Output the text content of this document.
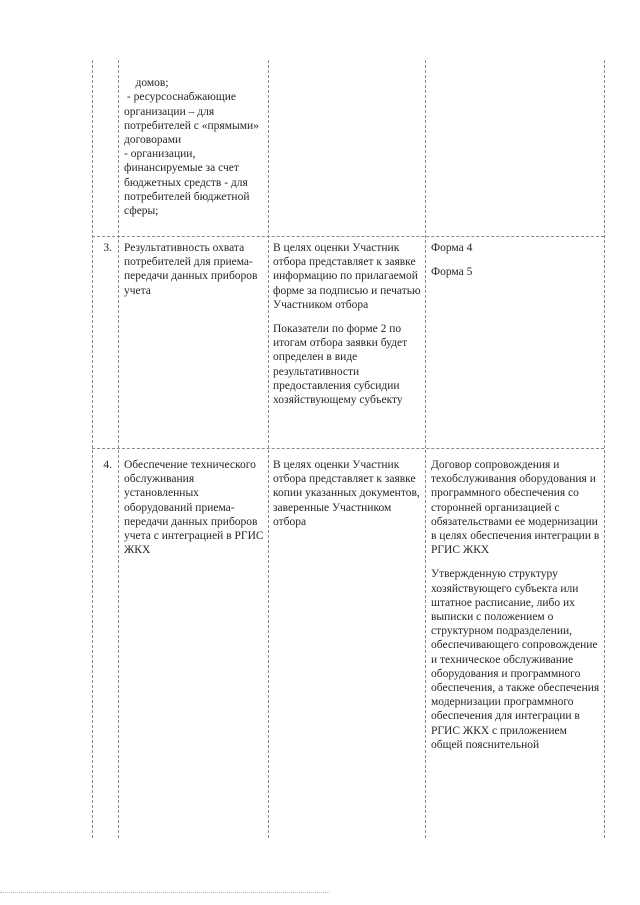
домов;
- ресурсоснабжающие организации – для потребителей с «прямыми» договорами
- организации, финансируемые за счет бюджетных средств - для потребителей бюджетной сферы;

3. Результативность охвата потребителей для приема-передачи данных приборов учета

В целях оценки Участник отбора представляет к заявке информацию по прилагаемой форме за подписью и печатью Участником отбора

Показатели по форме 2 по итогам отбора заявки будет определен в виде результативности предоставления субсидии хозяйствующему субъекту

Форма 4

Форма 5

4. Обеспечение технического обслуживания установленных оборудований приема-передачи данных приборов учета с интеграцией в РГИС ЖКХ

В целях оценки Участник отбора представляет к заявке копии указанных документов, заверенные Участником отбора

Договор сопровождения и техобслуживания оборудования и программного обеспечения со сторонней организацией с обязательствами ее модернизации в целях обеспечения интеграции в РГИС ЖКХ

Утвержденную структуру хозяйствующего субъекта или штатное расписание, либо их выписки с положением о структурном подразделении, обеспечивающего сопровождение и техническое обслуживание оборудования и программного обеспечения, а также обеспечения модернизации программного обеспечения для интеграции в РГИС ЖКХ с приложением общей пояснительной
